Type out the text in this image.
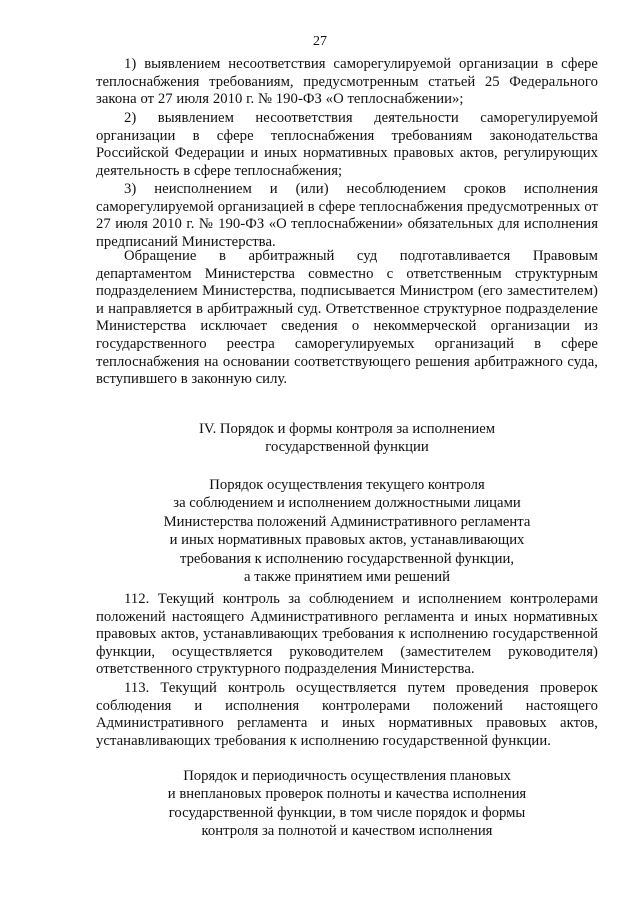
27

1) выявлением несоответствия саморегулируемой организации в сфере теплоснабжения требованиям, предусмотренным статьей 25 Федерального закона от 27 июля 2010 г. № 190-ФЗ «О теплоснабжении»;

2) выявлением несоответствия деятельности саморегулируемой организации в сфере теплоснабжения требованиям законодательства Российской Федерации и иных нормативных правовых актов, регулирующих деятельность в сфере теплоснабжения;

3) неисполнением и (или) несоблюдением сроков исполнения саморегулируемой организацией в сфере теплоснабжения предусмотренных от 27 июля 2010 г. № 190-ФЗ «О теплоснабжении» обязательных для исполнения предписаний Министерства.

Обращение в арбитражный суд подготавливается Правовым департаментом Министерства совместно с ответственным структурным подразделением Министерства, подписывается Министром (его заместителем) и направляется в арбитражный суд. Ответственное структурное подразделение Министерства исключает сведения о некоммерческой организации из государственного реестра саморегулируемых организаций в сфере теплоснабжения на основании соответствующего решения арбитражного суда, вступившего в законную силу.

IV. Порядок и формы контроля за исполнением
государственной функции
Порядок осуществления текущего контроля
за соблюдением и исполнением должностными лицами
Министерства положений Административного регламента
и иных нормативных правовых актов, устанавливающих
требования к исполнению государственной функции,
а также принятием ими решений

112. Текущий контроль за соблюдением и исполнением контролерами положений настоящего Административного регламента и иных нормативных правовых актов, устанавливающих требования к исполнению государственной функции, осуществляется руководителем (заместителем руководителя) ответственного структурного подразделения Министерства.

113. Текущий контроль осуществляется путем проведения проверок соблюдения и исполнения контролерами положений настоящего Административного регламента и иных нормативных правовых актов, устанавливающих требования к исполнению государственной функции.

Порядок и периодичность осуществления плановых
и внеплановых проверок полноты и качества исполнения
государственной функции, в том числе порядок и формы
контроля за полнотой и качеством исполнения
